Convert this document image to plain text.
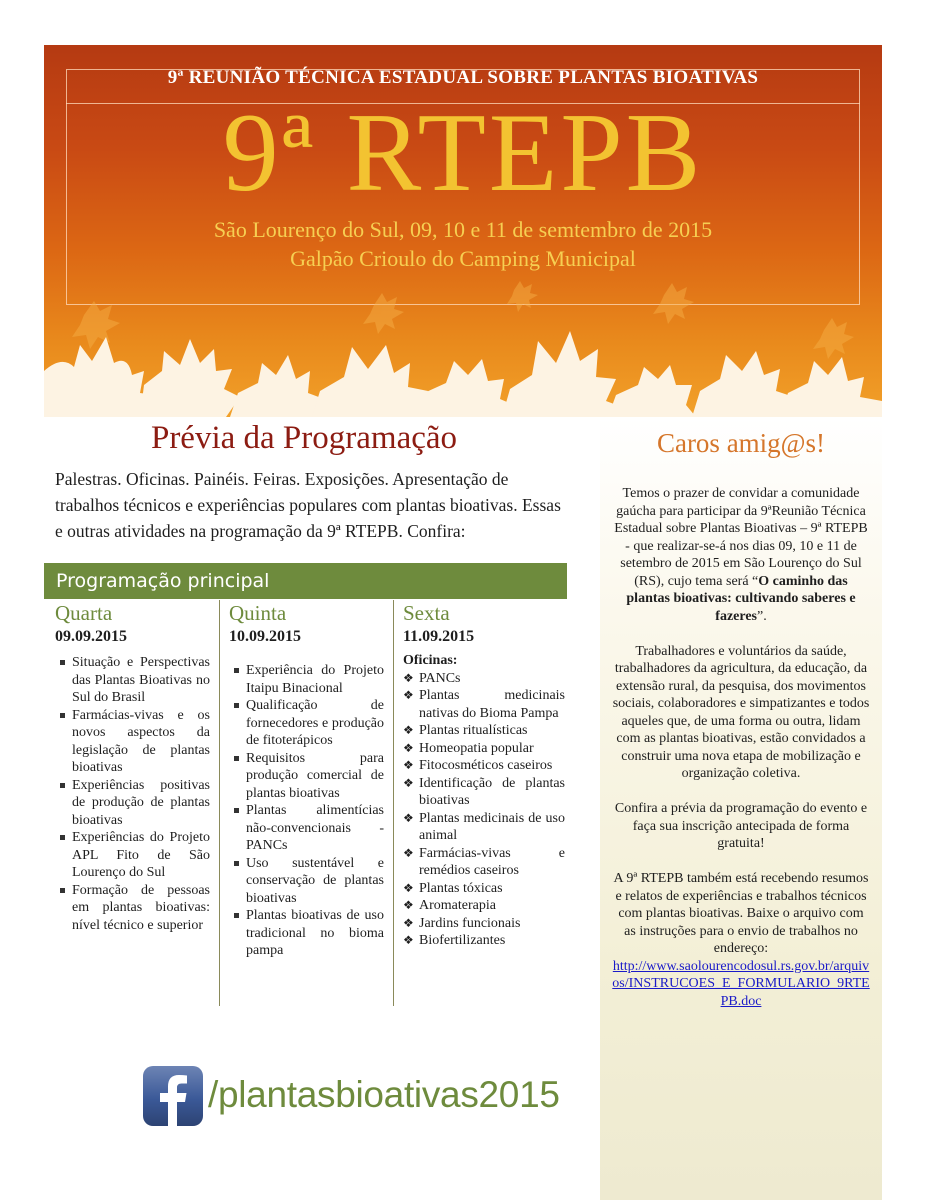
9ª REUNIÃO TÉCNICA ESTADUAL SOBRE PLANTAS BIOATIVAS
9ª RTEPB
São Lourenço do Sul, 09, 10 e 11 de semtembro de 2015
Galpão Crioulo do Camping Municipal
Prévia da Programação

Palestras. Oficinas. Painéis. Feiras. Exposições. Apresentação de trabalhos técnicos e experiências populares com plantas bioativas. Essas e outras atividades na programação da 9ª RTEPB. Confira:

Programação principal
Quarta
09.09.2015
Situação e Perspectivas das Plantas Bioativas no Sul do Brasil
Farmácias-vivas e os novos aspectos da legislação de plantas bioativas
Experiências positivas de produção de plantas bioativas
Experiências do Projeto APL Fito de São Lourenço do Sul
Formação de pessoas em plantas bioativas: nível técnico e superior
Quinta
10.09.2015
Experiência do Projeto Itaipu Binacional
Qualificação de fornecedores e produção de fitoterápicos
Requisitos para produção comercial de plantas bioativas
Plantas alimentícias não-convencionais - PANCs
Uso sustentável e conservação de plantas bioativas
Plantas bioativas de uso tradicional no bioma pampa
Sexta
11.09.2015
Oficinas:
❖ PANCs
❖ Plantas medicinais nativas do Bioma Pampa
❖ Plantas ritualísticas
❖ Homeopatia popular
❖ Fitocosméticos caseiros
❖ Identificação de plantas bioativas
❖ Plantas medicinais de uso animal
❖ Farmácias-vivas e remédios caseiros
❖ Plantas tóxicas
❖ Aromaterapia
❖ Jardins funcionais
❖ Biofertilizantes
/plantasbioativas2015
Caros amig@s!

Temos o prazer de convidar a comunidade gaúcha para participar da 9ªReunião Técnica Estadual sobre Plantas Bioativas – 9ª RTEPB - que realizar-se-á nos dias 09, 10 e 11 de setembro de 2015 em São Lourenço do Sul (RS), cujo tema será “O caminho das plantas bioativas: cultivando saberes e fazeres”.

Trabalhadores e voluntários da saúde, trabalhadores da agricultura, da educação, da extensão rural, da pesquisa, dos movimentos sociais, colaboradores e simpatizantes e todos aqueles que, de uma forma ou outra, lidam com as plantas bioativas, estão convidados a construir uma nova etapa de mobilização e organização coletiva.

Confira a prévia da programação do evento e faça sua inscrição antecipada de forma gratuita!

A 9ª RTEPB também está recebendo resumos e relatos de experiências e trabalhos técnicos com plantas bioativas. Baixe o arquivo com as instruções para o envio de trabalhos no endereço:
http://www.saolourencodosul.rs.gov.br/arquivos/INSTRUCOES_E_FORMULARIO_9RTEPB.doc
